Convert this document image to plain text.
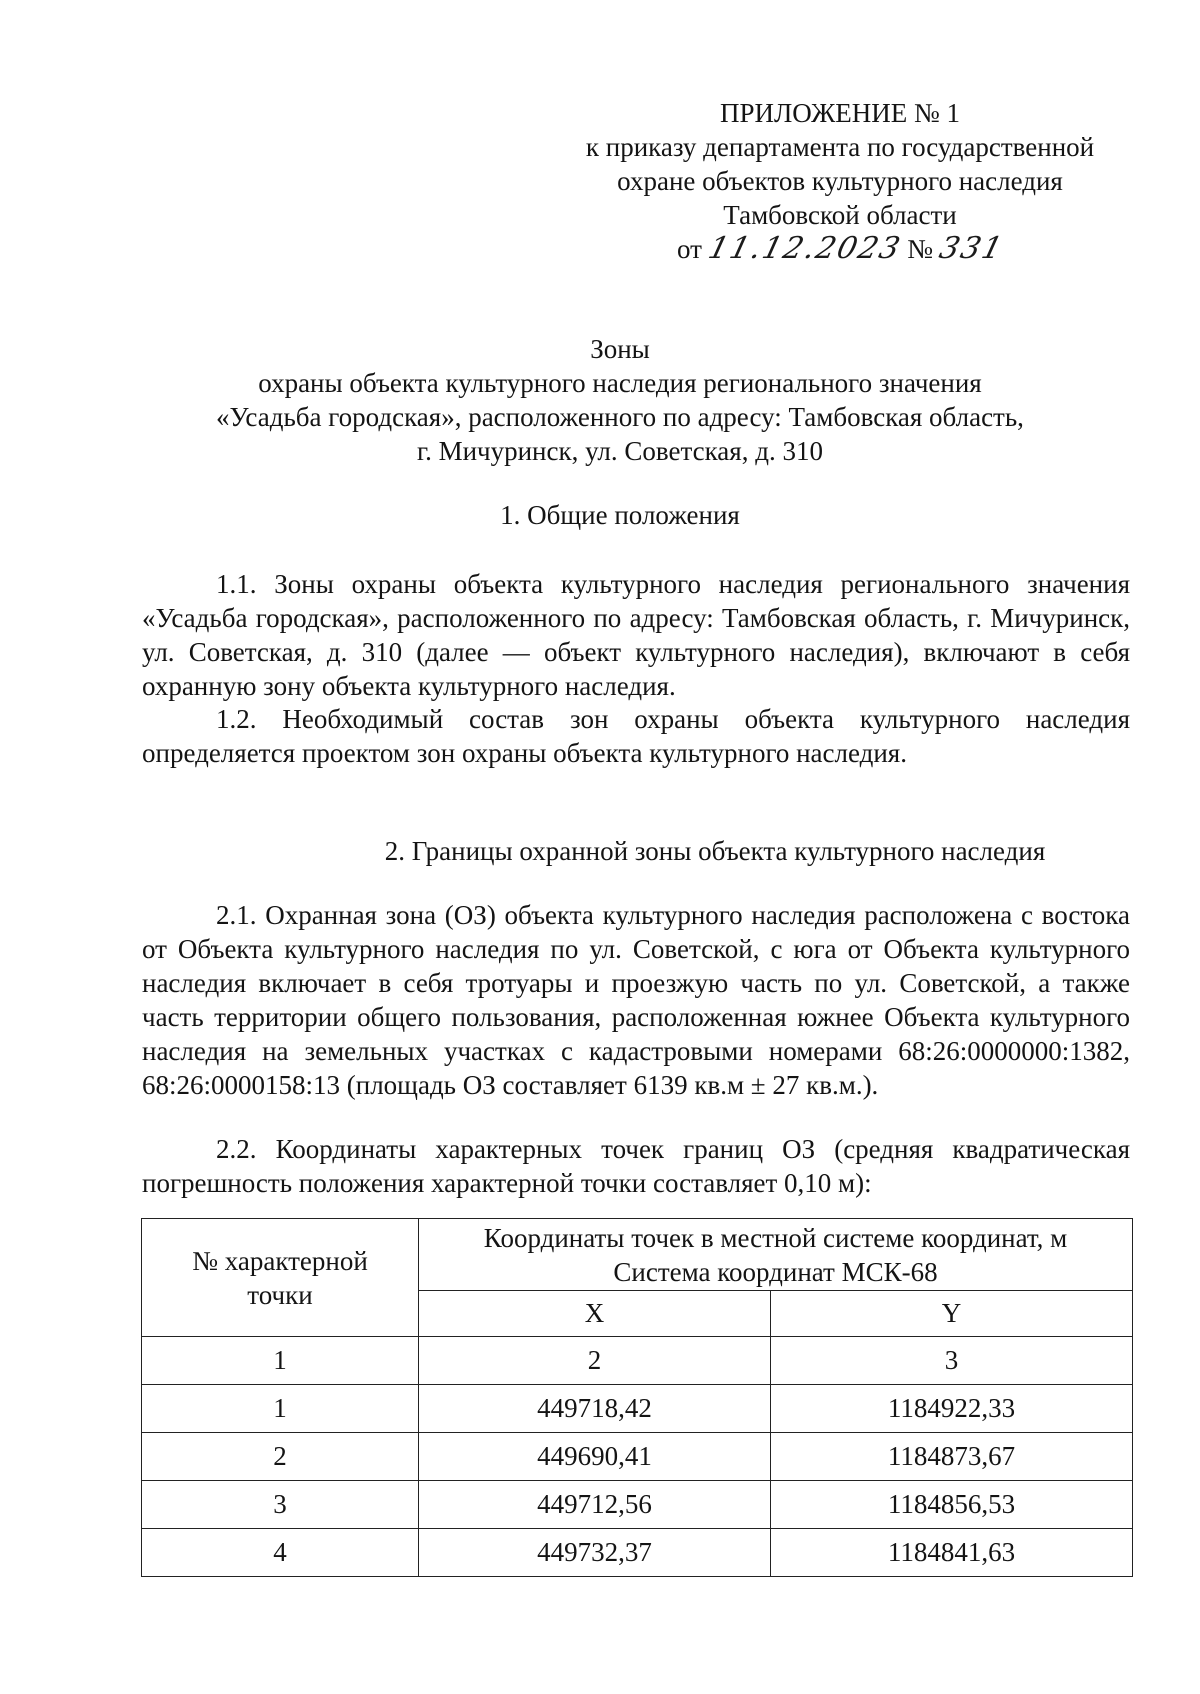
ПРИЛОЖЕНИЕ № 1
к приказу департамента по государственной
охране объектов культурного наследия
Тамбовской области
от 11.12.2023 № 331
Зоны
охраны объекта культурного наследия регионального значения
«Усадьба городская», расположенного по адресу: Тамбовская область,
г. Мичуринск, ул. Советская, д. 310
1. Общие положения
1.1. Зоны охраны объекта культурного наследия регионального значения «Усадьба городская», расположенного по адресу: Тамбовская область, г. Мичуринск, ул. Советская, д. 310 (далее — объект культурного наследия), включают в себя охранную зону объекта культурного наследия.
1.2. Необходимый состав зон охраны объекта культурного наследия определяется проектом зон охраны объекта культурного наследия.
2. Границы охранной зоны объекта культурного наследия
2.1. Охранная зона (ОЗ) объекта культурного наследия расположена с востока от Объекта культурного наследия по ул. Советской, с юга от Объекта культурного наследия включает в себя тротуары и проезжую часть по ул. Советской, а также часть территории общего пользования, расположенная южнее Объекта культурного наследия на земельных участках с кадастровыми номерами 68:26:0000000:1382, 68:26:0000158:13 (площадь ОЗ составляет 6139 кв.м ± 27 кв.м.).
2.2. Координаты характерных точек границ ОЗ (средняя квадратическая погрешность положения характерной точки составляет 0,10 м):
№ характерной
точки	Координаты точек в местной системе координат, м
Система координат МСК-68	
	X	Y
1	2	3
1	449718,42	1184922,33
2	449690,41	1184873,67
3	449712,56	1184856,53
4	449732,37	1184841,63
